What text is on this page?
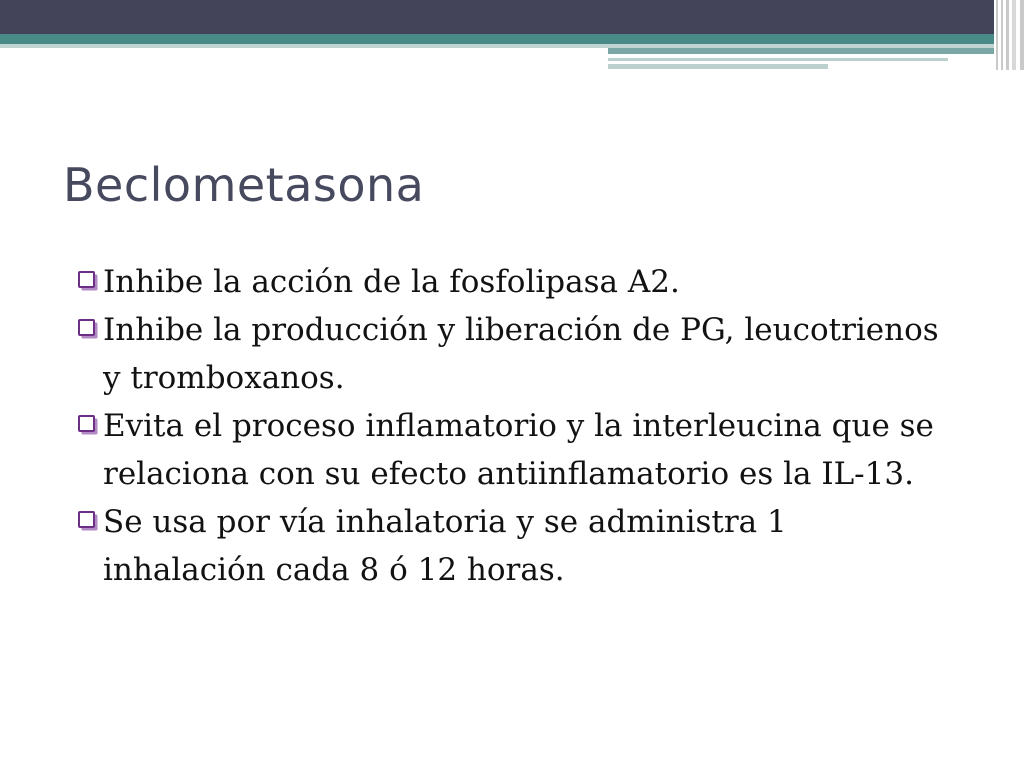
Beclometasona
Inhibe la acción de la fosfolipasa A2.
Inhibe la producción y liberación de PG, leucotrienos y tromboxanos.
Evita el proceso inflamatorio y la interleucina que se relaciona con su efecto antiinflamatorio es la IL-13.
Se usa por vía inhalatoria y se administra 1 inhalación cada 8 ó 12 horas.
